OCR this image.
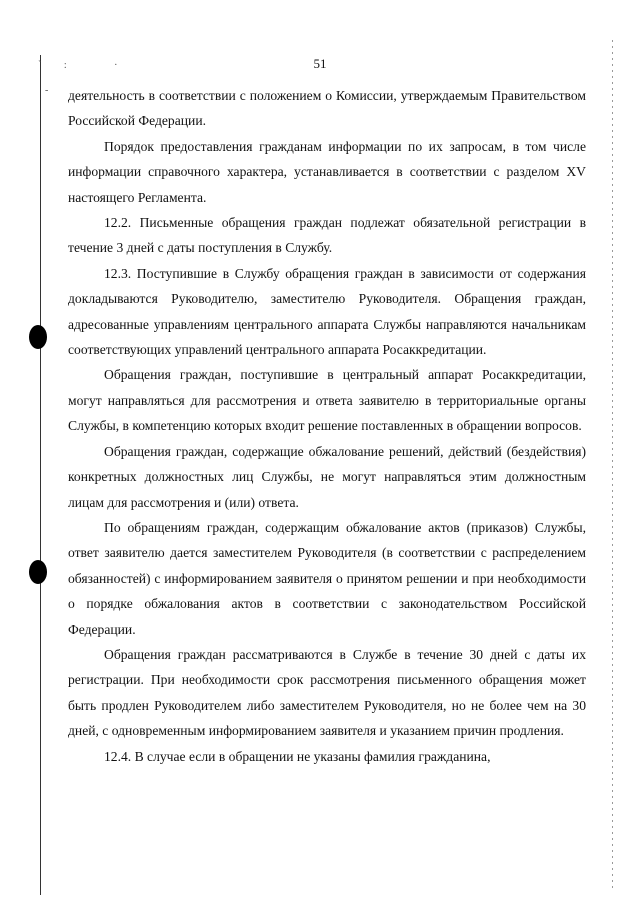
` :   ·
-
51

деятельность в соответствии с положением о Комиссии, утверждаемым Правительством Российской Федерации.

Порядок предоставления гражданам информации по их запросам, в том числе информации справочного характера, устанавливается в соответствии с разделом XV настоящего Регламента.

12.2. Письменные обращения граждан подлежат обязательной регистрации в течение 3 дней с даты поступления в Службу.

12.3. Поступившие в Службу обращения граждан в зависимости от содержания докладываются Руководителю, заместителю Руководителя. Обращения граждан, адресованные управлениям центрального аппарата Службы направляются начальникам соответствующих управлений центрального аппарата Росаккредитации.

Обращения граждан, поступившие в центральный аппарат Росаккредитации, могут направляться для рассмотрения и ответа заявителю в территориальные органы Службы, в компетенцию которых входит решение поставленных в обращении вопросов.

Обращения граждан, содержащие обжалование решений, действий (бездействия) конкретных должностных лиц Службы, не могут направляться этим должностным лицам для рассмотрения и (или) ответа.

По обращениям граждан, содержащим обжалование актов (приказов) Службы, ответ заявителю дается заместителем Руководителя (в соответствии с распределением обязанностей) с информированием заявителя о принятом решении и при необходимости о порядке обжалования актов в соответствии с законодательством Российской Федерации.

Обращения граждан рассматриваются в Службе в течение 30 дней с даты их регистрации. При необходимости срок рассмотрения письменного обращения может быть продлен Руководителем либо заместителем Руководителя, но не более чем на 30 дней, с одновременным информированием заявителя и указанием причин продления.

12.4. В случае если в обращении не указаны фамилия гражданина,
